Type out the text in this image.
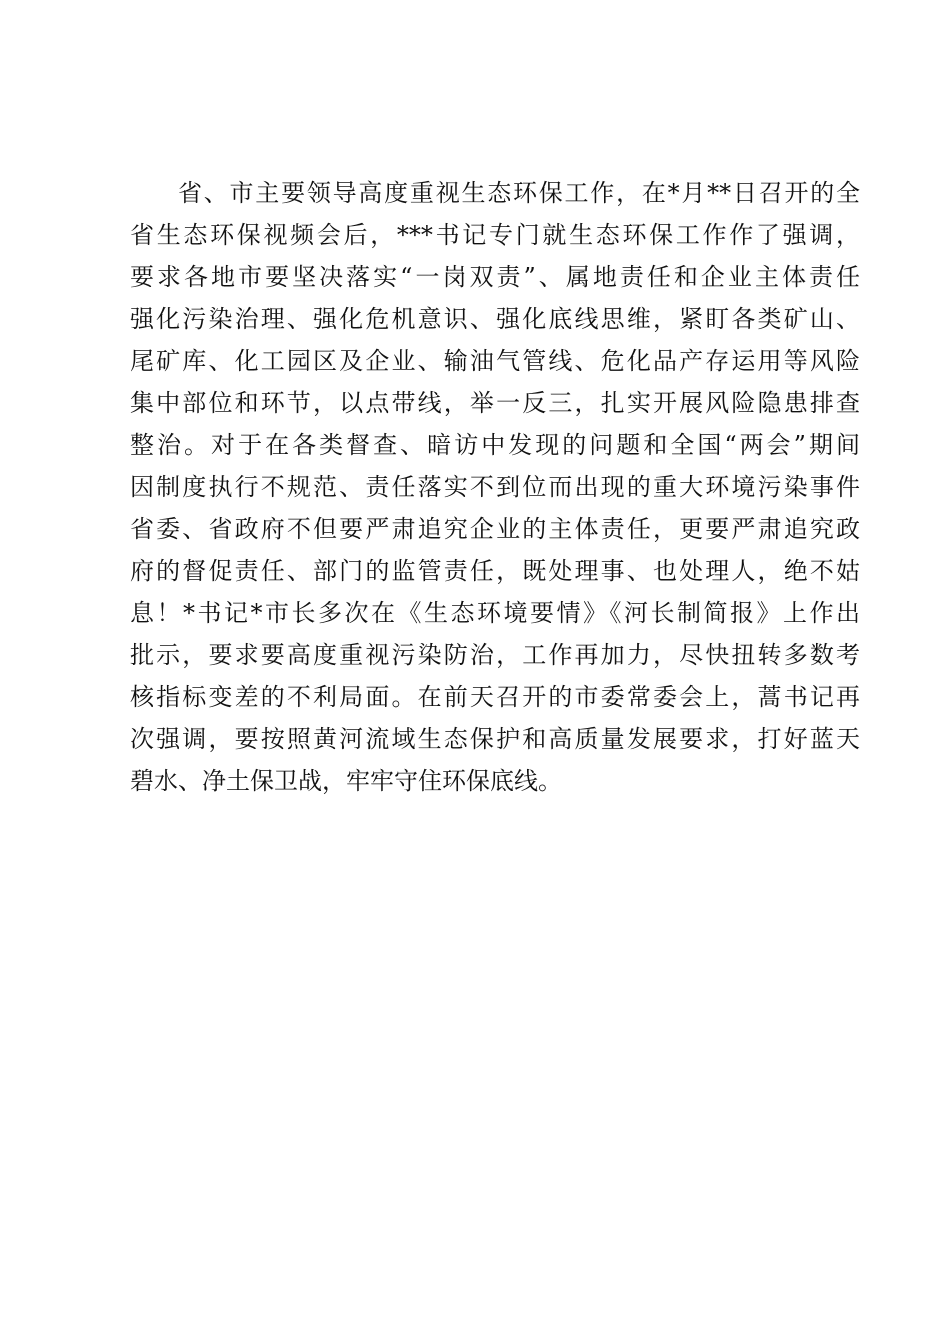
省、市主要领导高度重视生态环保工作，在*月**日召开的全
省生态环保视频会后，***书记专门就生态环保工作作了强调，
要求各地市要坚决落实“一岗双责”、属地责任和企业主体责任
强化污染治理、强化危机意识、强化底线思维，紧盯各类矿山、
尾矿库、化工园区及企业、输油气管线、危化品产存运用等风险
集中部位和环节，以点带线，举一反三，扎实开展风险隐患排查
整治。对于在各类督查、暗访中发现的问题和全国“两会”期间
因制度执行不规范、责任落实不到位而出现的重大环境污染事件
省委、省政府不但要严肃追究企业的主体责任，更要严肃追究政
府的督促责任、部门的监管责任，既处理事、也处理人，绝不姑
息！*书记*市长多次在《生态环境要情》《河长制简报》上作出
批示，要求要高度重视污染防治，工作再加力，尽快扭转多数考
核指标变差的不利局面。在前天召开的市委常委会上，蒿书记再
次强调，要按照黄河流域生态保护和高质量发展要求，打好蓝天
碧水、净土保卫战，牢牢守住环保底线。
